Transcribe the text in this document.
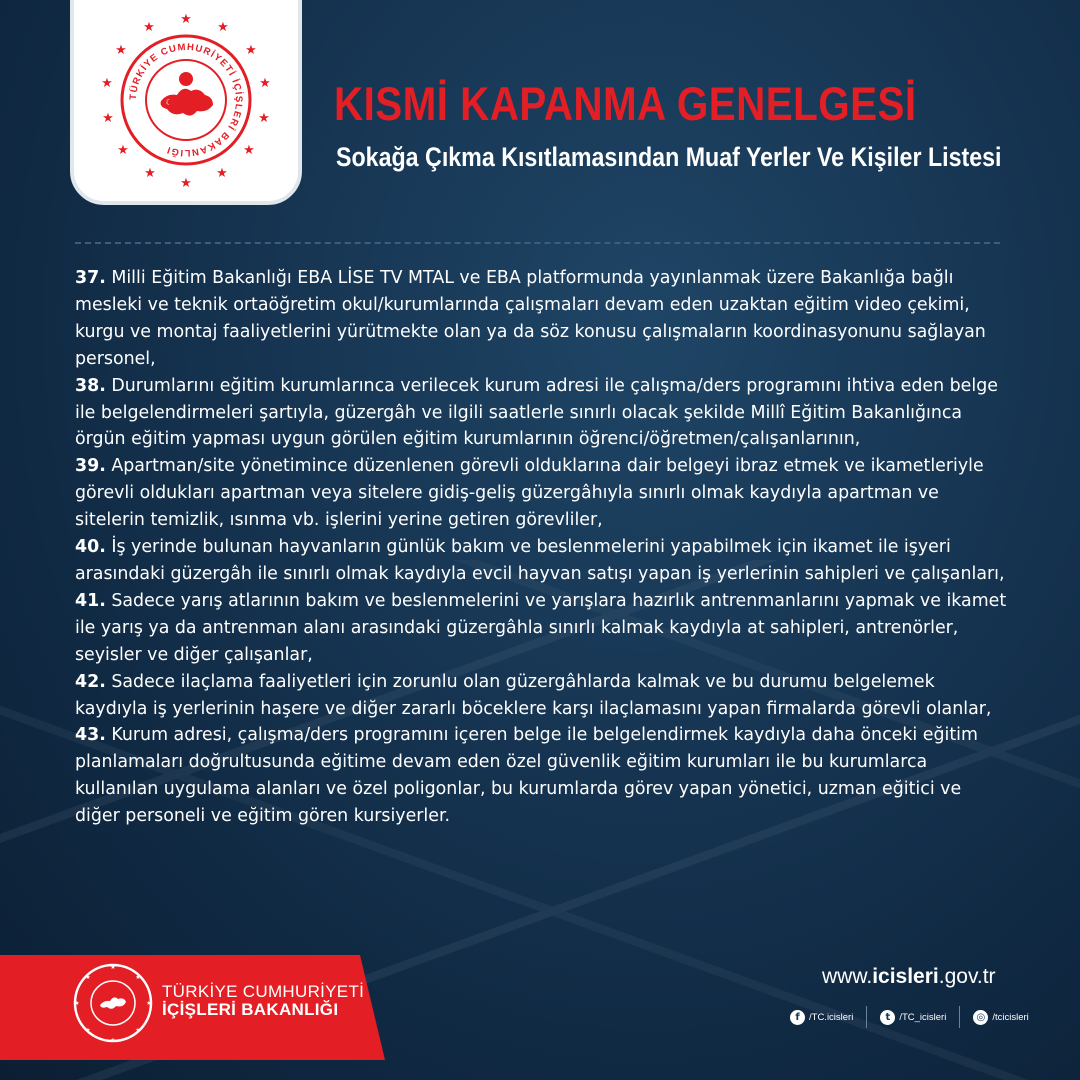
★
★
★
★
★
★
★
★
★
★
★
★
★
★
TÜRKİYE CUMHURİYETİ İÇİŞLERİ BAKANLIĞI
☾	KISMİ KAPANMA GENELGESİ
Sokağa Çıkma Kısıtlamasından Muaf Yerler Ve Kişiler Listesi

37. Milli Eğitim Bakanlığı EBA LİSE TV MTAL ve EBA platformunda yayınlanmak üzere Bakanlığa bağlı mesleki ve teknik ortaöğretim okul/kurumlarında çalışmaları devam eden uzaktan eğitim video çekimi, kurgu ve montaj faaliyetlerini yürütmekte olan ya da söz konusu çalışmaların koordinasyonunu sağlayan personel,

38. Durumlarını eğitim kurumlarınca verilecek kurum adresi ile çalışma/ders programını ihtiva eden belge ile belgelendirmeleri şartıyla, güzergâh ve ilgili saatlerle sınırlı olacak şekilde Millî Eğitim Bakanlığınca örgün eğitim yapması uygun görülen eğitim kurumlarının öğrenci/öğretmen/çalışanlarının,

39. Apartman/site yönetimince düzenlenen görevli olduklarına dair belgeyi ibraz etmek ve ikametleriyle görevli oldukları apartman veya sitelere gidiş-geliş güzergâhıyla sınırlı olmak kaydıyla apartman ve sitelerin temizlik, ısınma vb. işlerini yerine getiren görevliler,

40. İş yerinde bulunan hayvanların günlük bakım ve beslenmelerini yapabilmek için ikamet ile işyeri arasındaki güzergâh ile sınırlı olmak kaydıyla evcil hayvan satışı yapan iş yerlerinin sahipleri ve çalışanları,

41. Sadece yarış atlarının bakım ve beslenmelerini ve yarışlara hazırlık antrenmanlarını yapmak ve ikamet ile yarış ya da antrenman alanı arasındaki güzergâhla sınırlı kalmak kaydıyla at sahipleri, antrenörler, seyisler ve diğer çalışanlar,

42. Sadece ilaçlama faaliyetleri için zorunlu olan güzergâhlarda kalmak ve bu durumu belgelemek kaydıyla iş yerlerinin haşere ve diğer zararlı böceklere karşı ilaçlamasını yapan firmalarda görevli olanlar,

43. Kurum adresi, çalışma/ders programını içeren belge ile belgelendirmek kaydıyla daha önceki eğitim planlamaları doğrultusunda eğitime devam eden özel güvenlik eğitim kurumları ile bu kurumlarca kullanılan uygulama alanları ve özel poligonlar, bu kurumlarda görev yapan yönetici, uzman eğitici ve diğer personeli ve eğitim gören kursiyerler.

★
★
★
★
★
★
★
★
TÜRKİYE CUMHURİYETİ
İÇİŞLERİ BAKANLIĞI
www.icisleri.gov.tr
f /TC.icisleri	t /TC_icisleri	◎ /tcicisleri
